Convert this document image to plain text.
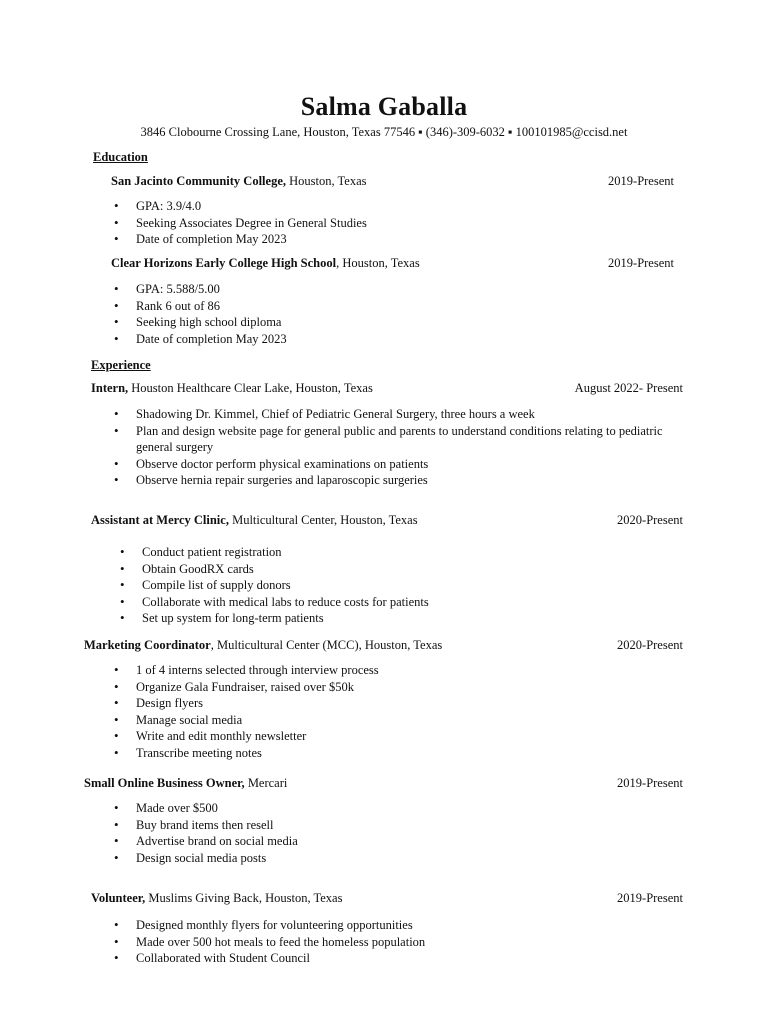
Salma Gaballa
3846 Clobourne Crossing Lane, Houston, Texas 77546 ▪ (346)-309-6032 ▪ 100101985@ccisd.net
Education
San Jacinto Community College, Houston, Texas	2019-Present
• GPA: 3.9/4.0
• Seeking Associates Degree in General Studies
• Date of completion May 2023
Clear Horizons Early College High School, Houston, Texas	2019-Present
• GPA: 5.588/5.00
• Rank 6 out of 86
• Seeking high school diploma
• Date of completion May 2023
Experience
Intern, Houston Healthcare Clear Lake, Houston, Texas	August 2022- Present
• Shadowing Dr. Kimmel, Chief of Pediatric General Surgery, three hours a week
• Plan and design website page for general public and parents to understand conditions relating to pediatric general surgery
• Observe doctor perform physical examinations on patients
• Observe hernia repair surgeries and laparoscopic surgeries
Assistant at Mercy Clinic, Multicultural Center, Houston, Texas	2020-Present
• Conduct patient registration
• Obtain GoodRX cards
• Compile list of supply donors
• Collaborate with medical labs to reduce costs for patients
• Set up system for long-term patients
Marketing Coordinator, Multicultural Center (MCC), Houston, Texas	2020-Present
• 1 of 4 interns selected through interview process
• Organize Gala Fundraiser, raised over $50k
• Design flyers
• Manage social media
• Write and edit monthly newsletter
• Transcribe meeting notes
Small Online Business Owner, Mercari	2019-Present
• Made over $500
• Buy brand items then resell
• Advertise brand on social media
• Design social media posts
Volunteer, Muslims Giving Back, Houston, Texas	2019-Present
• Designed monthly flyers for volunteering opportunities
• Made over 500 hot meals to feed the homeless population
• Collaborated with Student Council
